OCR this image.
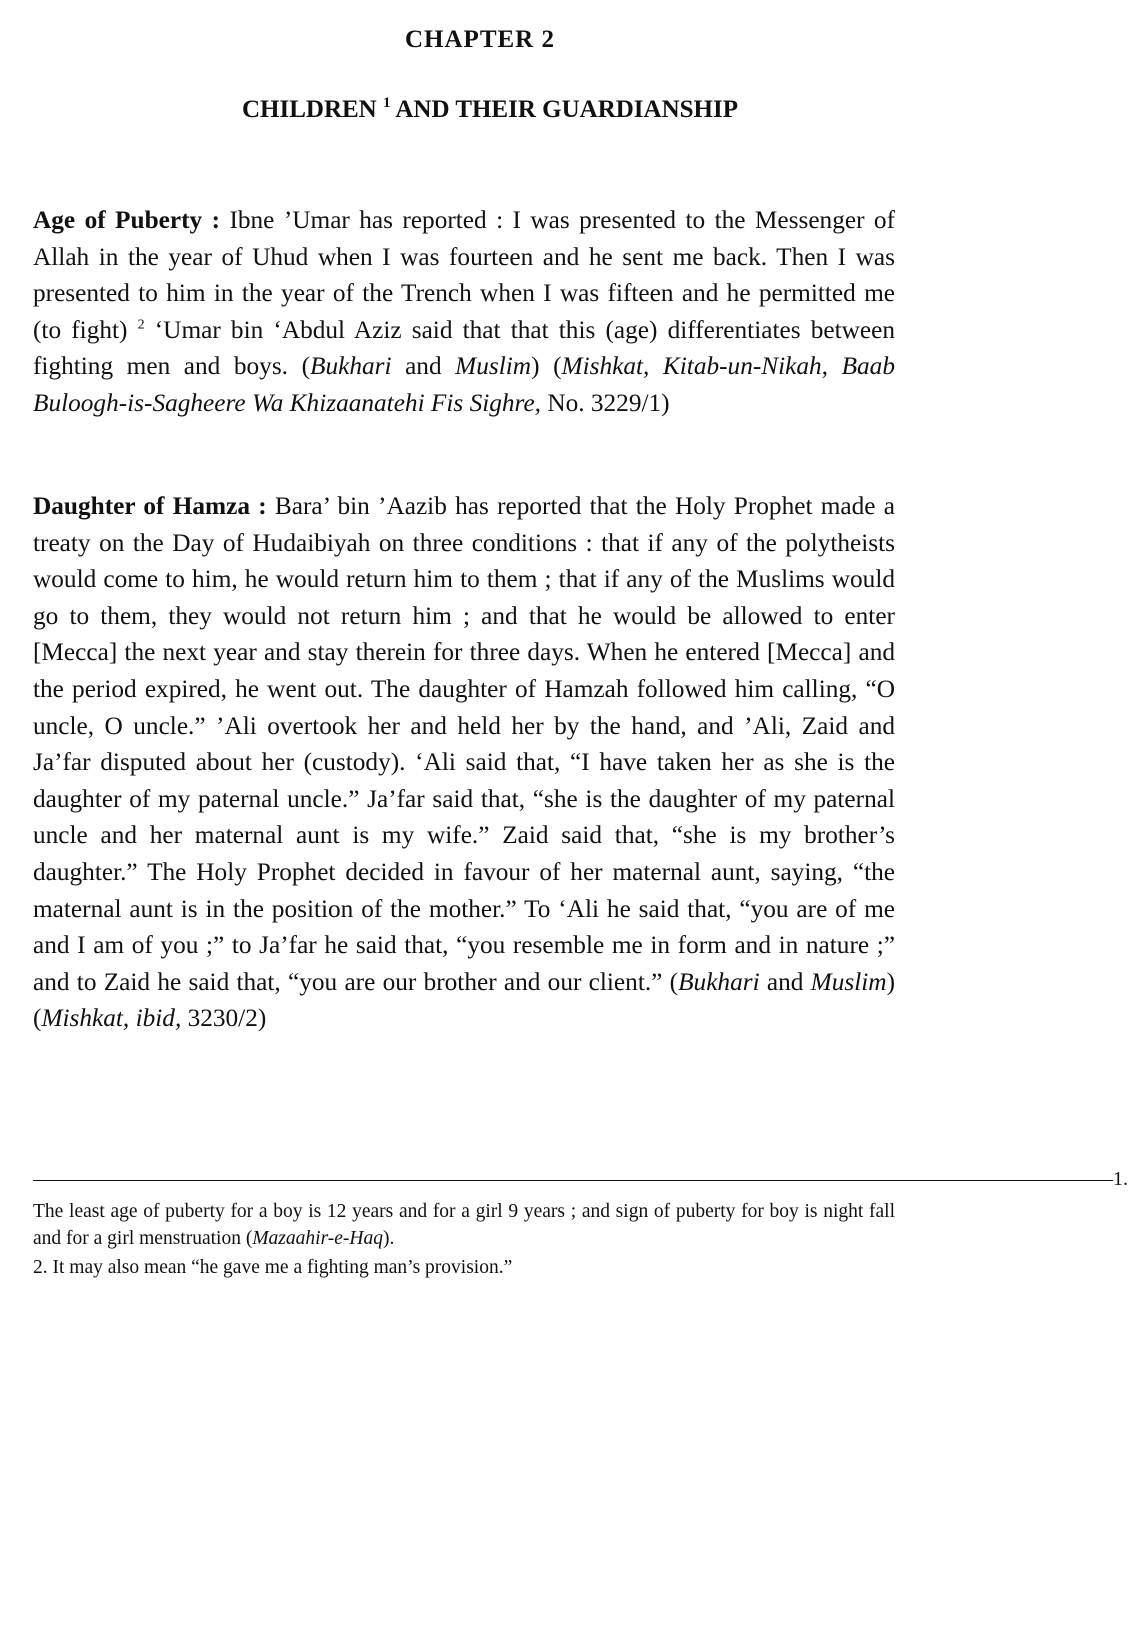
CHAPTER 2
CHILDREN $^1$ AND THEIR GUARDIANSHIP
Age of Puberty : Ibne ’Umar has reported : I was presented to the Messenger of Allah in the year of Uhud when I was fourteen and he sent me back. Then I was presented to him in the year of the Trench when I was fifteen and he permitted me (to fight) $^2$ ‘Umar bin ‘Abdul Aziz said that that this (age) differentiates between fighting men and boys. (Bukhari and Muslim) (Mishkat, Kitab-un-Nikah, Baab Buloogh-is-Sagheere Wa Khizaanatehi Fis Sighre, No. 3229/1)
Daughter of Hamza : Bara’ bin ’Aazib has reported that the Holy Prophet made a treaty on the Day of Hudaibiyah on three conditions : that if any of the polytheists would come to him, he would return him to them ; that if any of the Muslims would go to them, they would not return him ; and that he would be allowed to enter [Mecca] the next year and stay therein for three days. When he entered [Mecca] and the period expired, he went out. The daughter of Hamzah followed him calling, “O uncle, O uncle.” ’Ali overtook her and held her by the hand, and ’Ali, Zaid and Ja’far disputed about her (custody). ‘Ali said that, “I have taken her as she is the daughter of my paternal uncle.” Ja’far said that, “she is the daughter of my paternal uncle and her maternal aunt is my wife.” Zaid said that, “she is my brother’s daughter.” The Holy Prophet decided in favour of her maternal aunt, saying, “the maternal aunt is in the position of the mother.” To ‘Ali he said that, “you are of me and I am of you ;” to Ja’far he said that, “you resemble me in form and in nature ;” and to Zaid he said that, “you are our brother and our client.” (Bukhari and Muslim) (Mishkat, ibid, 3230/2)
——————————————————————————————————————————————————————1.
The least age of puberty for a boy is 12 years and for a girl 9 years ; and sign of puberty for boy is night fall and for a girl menstruation (Mazaahir-e-Haq).
2. It may also mean “he gave me a fighting man’s provision.”
